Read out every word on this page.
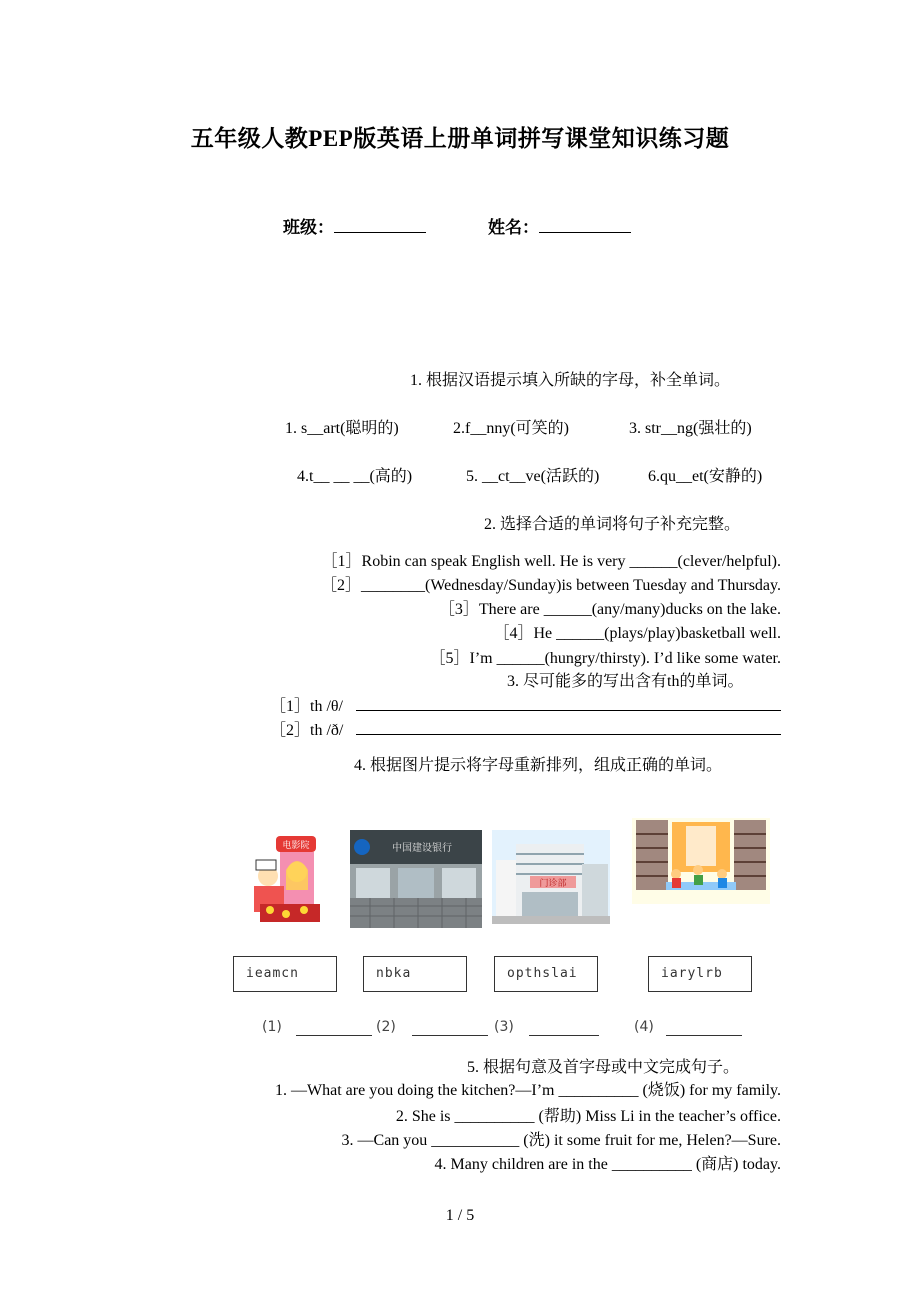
五年级人教PEP版英语上册单词拼写课堂知识练习题
班级：	姓名：
1. 根据汉语提示填入所缺的字母，补全单词。
1. s__art(聪明的)	2.f__nny(可笑的)	3. str__ng(强壮的)
4.t__ __ __(高的)	5. __ct__ve(活跃的)	6.qu__et(安静的)
2. 选择合适的单词将句子补充完整。
［1］Robin can speak English well. He is very ______(clever/helpful).
［2］________(Wednesday/Sunday)is between Tuesday and Thursday.
［3］There are ______(any/many)ducks on the lake.
［4］He ______(plays/play)basketball well.
［5］I’m ______(hungry/thirsty). I’d like some water.
3. 尽可能多的写出含有th的单词。
［1］th /θ/
［2］th /ð/
4. 根据图片提示将字母重新排列，组成正确的单词。
电影院	中国建设银行
门诊部
ieamcn	nbka	opthslai	iarylrb
(1)	(2)	(3)	(4)
5. 根据句意及首字母或中文完成句子。
1. —What are you doing the kitchen?—I’m __________ (烧饭) for my family.
2. She is __________ (帮助) Miss Li in the teacher’s office.
3. —Can you ___________ (洗) it some fruit for me, Helen?—Sure.
4. Many children are in the __________ (商店) today.
1 / 5
